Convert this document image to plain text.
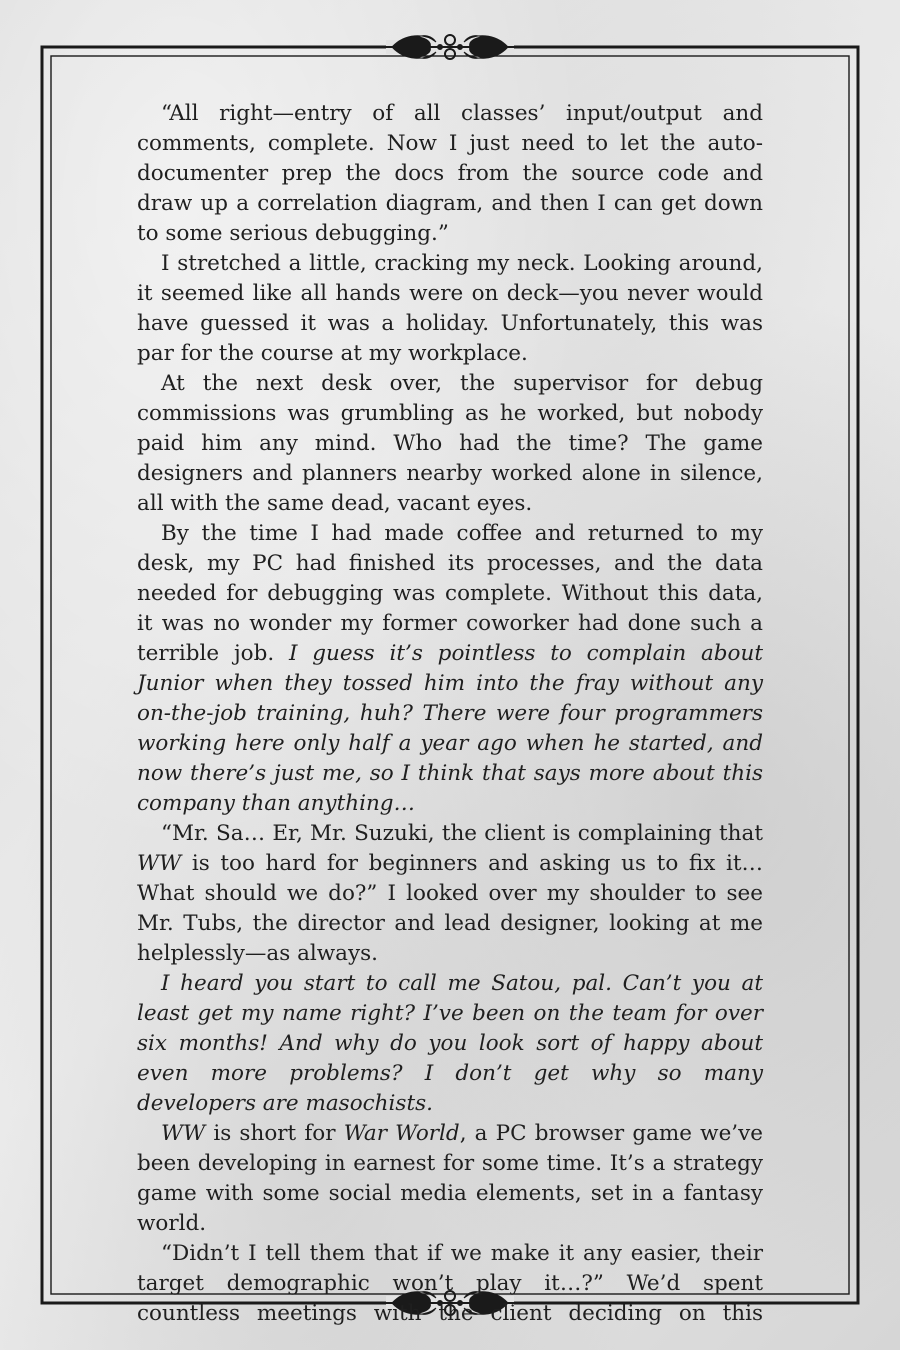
“All right—entry of all classes’ input/output and comments, complete. Now I just need to let the auto-documenter prep the docs from the source code and draw up a correlation diagram, and then I can get down to some serious debugging.”

I stretched a little, cracking my neck. Looking around, it seemed like all hands were on deck—you never would have guessed it was a holiday. Unfortunately, this was par for the course at my workplace.

At the next desk over, the supervisor for debug commissions was grumbling as he worked, but nobody paid him any mind. Who had the time? The game designers and planners nearby worked alone in silence, all with the same dead, vacant eyes.

By the time I had made coffee and returned to my desk, my PC had finished its processes, and the data needed for debugging was complete. Without this data, it was no wonder my former coworker had done such a terrible job. I guess it’s pointless to complain about Junior when they tossed him into the fray without any on-the-job training, huh? There were four programmers working here only half a year ago when he started, and now there’s just me, so I think that says more about this company than anything…

“Mr. Sa… Er, Mr. Suzuki, the client is complaining that WW is too hard for beginners and asking us to fix it… What should we do?” I looked over my shoulder to see Mr. Tubs, the director and lead designer, looking at me helplessly—as always.

I heard you start to call me Satou, pal. Can’t you at least get my name right? I’ve been on the team for over six months! And why do you look sort of happy about even more problems? I don’t get why so many developers are masochists.

WW is short for War World, a PC browser game we’ve been developing in earnest for some time. It’s a strategy game with some social media elements, set in a fantasy world.

“Didn’t I tell them that if we make it any easier, their target demographic won’t play it…?” We’d spent countless meetings with the client deciding on this
